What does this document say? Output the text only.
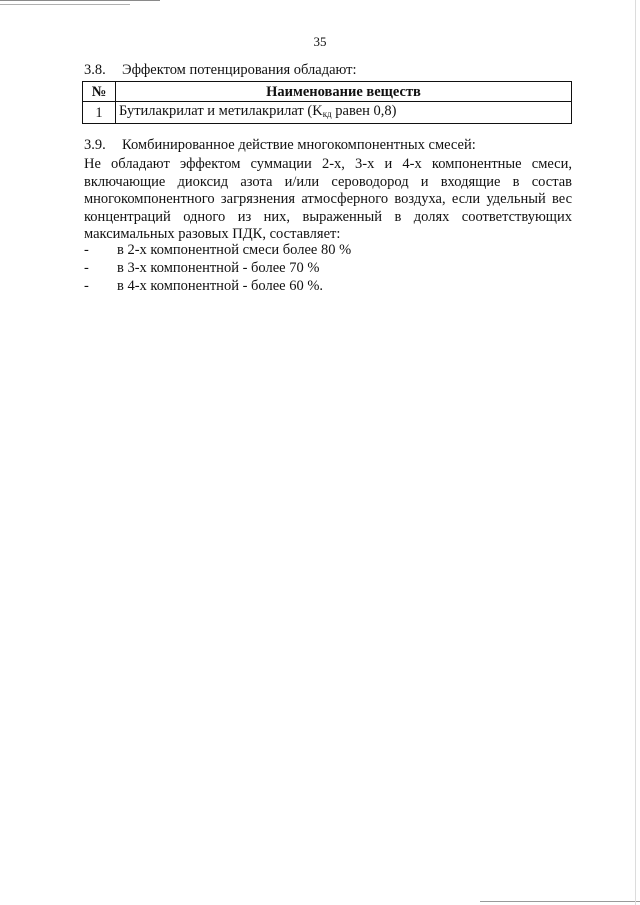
35
3.8. Эффектом потенцирования обладают:
№	Наименование веществ
1	Бутилакрилат и метилакрилат ($K_{кд}$ равен 0,8)
3.9. Комбинированное действие многокомпонентных смесей:

Не обладают эффектом суммации 2-х, 3-х и 4-х компонентные смеси, включающие диоксид азота и/или сероводород и входящие в состав многокомпонентного загрязнения атмосферного воздуха, если удельный вес концентраций одного из них, выраженный в долях соответствующих максимальных разовых ПДК, составляет:

- в 2-х компонентной смеси более 80 %
- в 3-х компонентной - более 70 %
- в 4-х компонентной - более 60 %.
